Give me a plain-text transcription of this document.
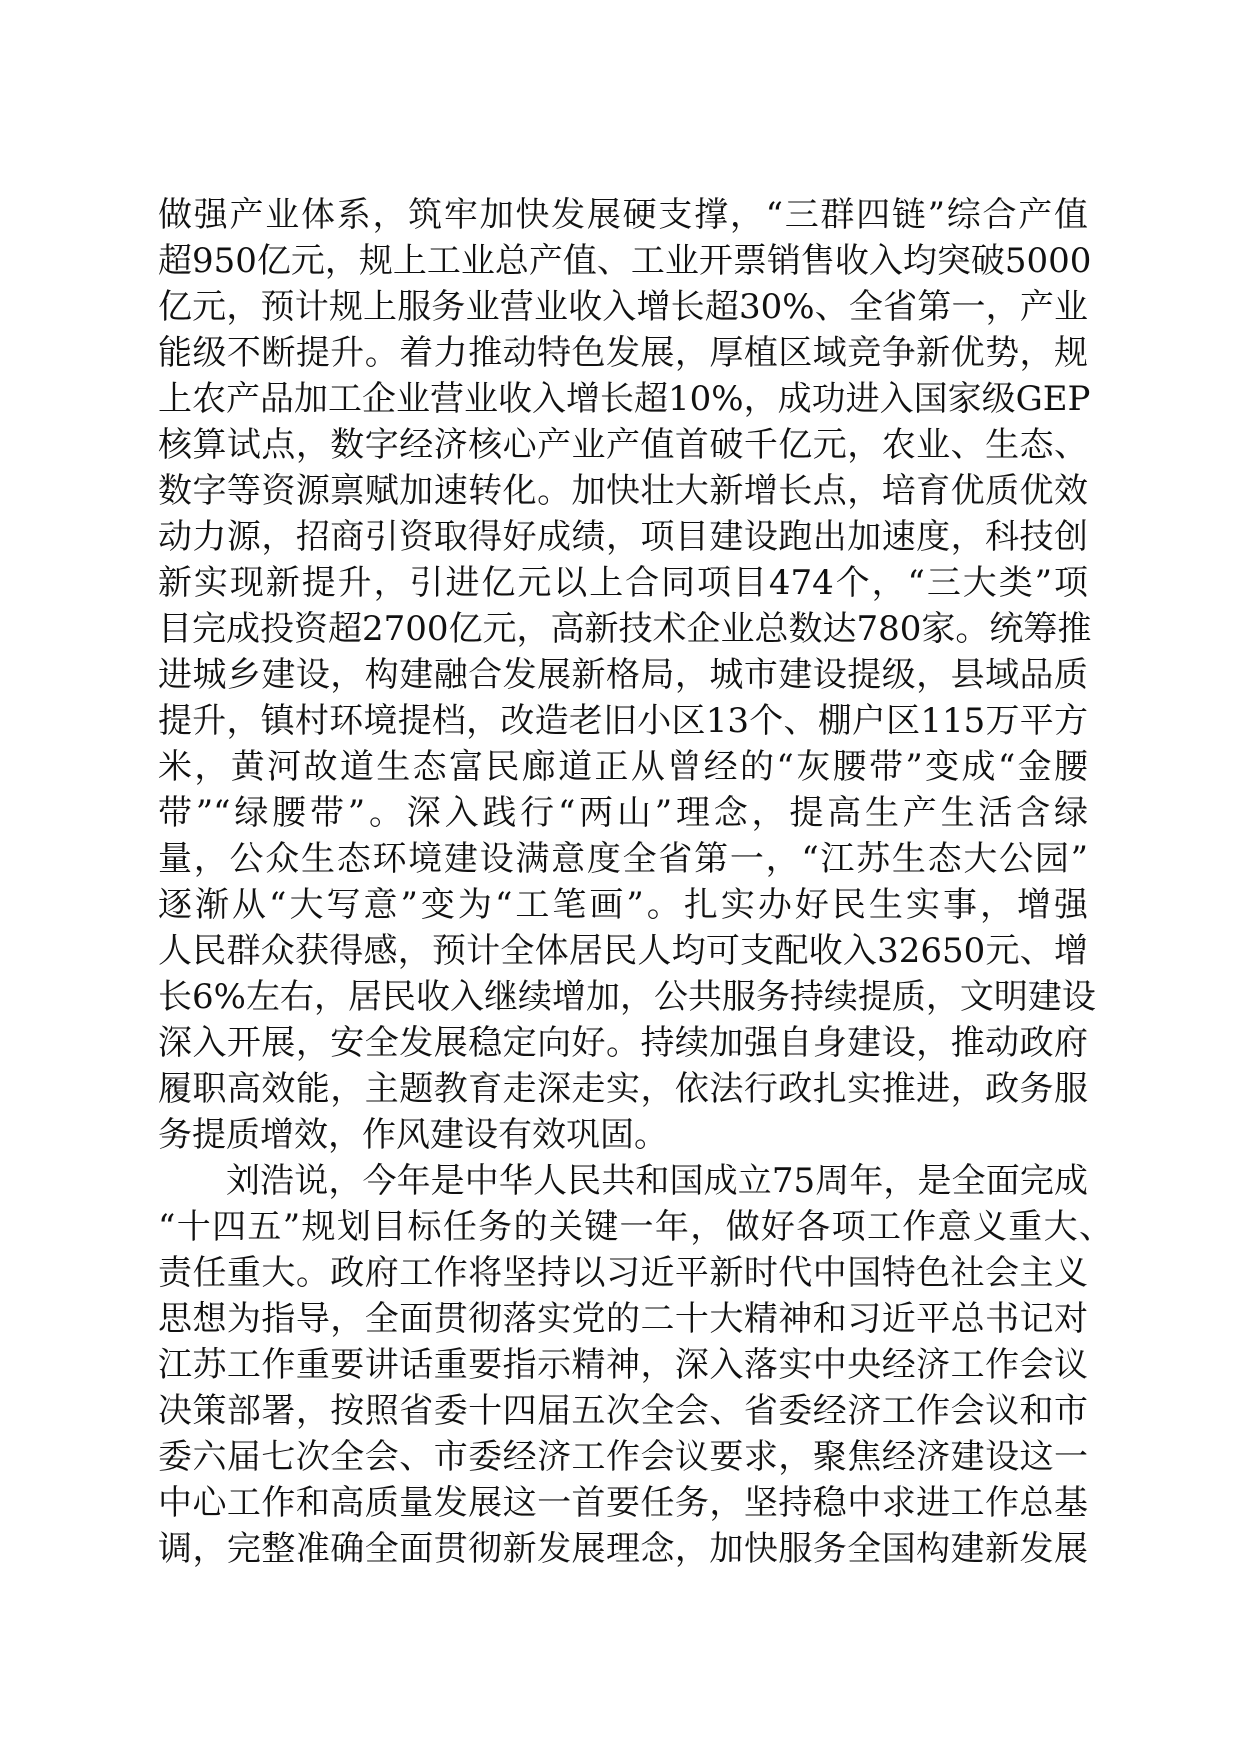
做强产业体系，筑牢加快发展硬支撑，“三群四链”综合产值
超950亿元，规上工业总产值、工业开票销售收入均突破5000
亿元，预计规上服务业营业收入增长超30%、全省第一，产业
能级不断提升。着力推动特色发展，厚植区域竞争新优势，规
上农产品加工企业营业收入增长超10%，成功进入国家级GEP
核算试点，数字经济核心产业产值首破千亿元，农业、生态、
数字等资源禀赋加速转化。加快壮大新增长点，培育优质优效
动力源，招商引资取得好成绩，项目建设跑出加速度，科技创
新实现新提升，引进亿元以上合同项目474个，“三大类”项
目完成投资超2700亿元，高新技术企业总数达780家。统筹推
进城乡建设，构建融合发展新格局，城市建设提级，县域品质
提升，镇村环境提档，改造老旧小区13个、棚户区115万平方
米，黄河故道生态富民廊道正从曾经的“灰腰带”变成“金腰
带”“绿腰带”。深入践行“两山”理念，提高生产生活含绿
量，公众生态环境建设满意度全省第一，“江苏生态大公园”
逐渐从“大写意”变为“工笔画”。扎实办好民生实事，增强
人民群众获得感，预计全体居民人均可支配收入32650元、增
长6%左右，居民收入继续增加，公共服务持续提质，文明建设
深入开展，安全发展稳定向好。持续加强自身建设，推动政府
履职高效能，主题教育走深走实，依法行政扎实推进，政务服
务提质增效，作风建设有效巩固。
刘浩说，今年是中华人民共和国成立75周年，是全面完成
“十四五”规划目标任务的关键一年，做好各项工作意义重大、
责任重大。政府工作将坚持以习近平新时代中国特色社会主义
思想为指导，全面贯彻落实党的二十大精神和习近平总书记对
江苏工作重要讲话重要指示精神，深入落实中央经济工作会议
决策部署，按照省委十四届五次全会、省委经济工作会议和市
委六届七次全会、市委经济工作会议要求，聚焦经济建设这一
中心工作和高质量发展这一首要任务，坚持稳中求进工作总基
调，完整准确全面贯彻新发展理念，加快服务全国构建新发展
